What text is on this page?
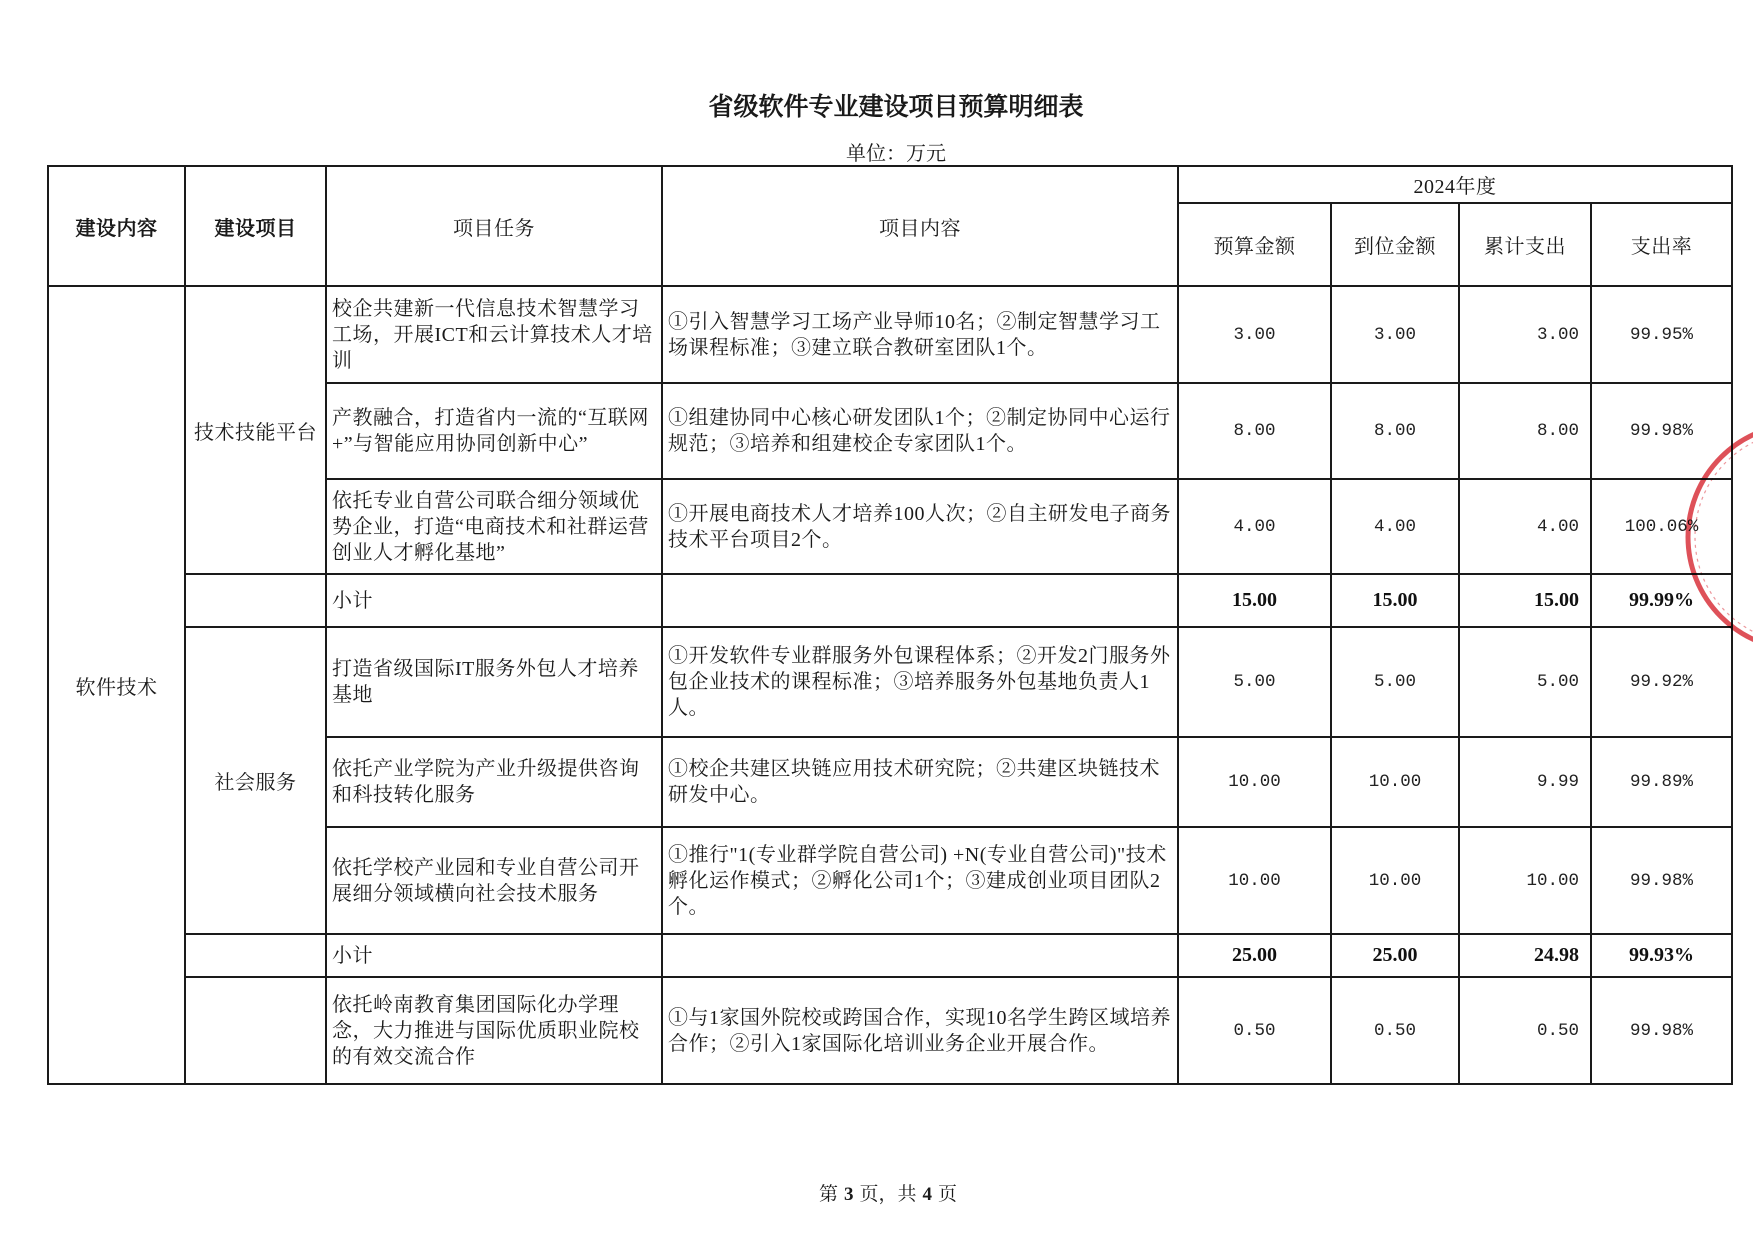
省级软件专业建设项目预算明细表
单位：万元
建设内容	建设项目	项目任务	项目内容	2024年度			
				预算金额	到位金额	累计支出	支出率
软件技术	技术技能平台	校企共建新一代信息技术智慧学习工场，开展ICT和云计算技术人才培训	①引入智慧学习工场产业导师10名；②制定智慧学习工场课程标准；③建立联合教研室团队1个。	3.00	3.00	3.00	99.95%
		产教融合，打造省内一流的“互联网+”与智能应用协同创新中心”	①组建协同中心核心研发团队1个；②制定协同中心运行规范；③培养和组建校企专家团队1个。	8.00	8.00	8.00	99.98%
		依托专业自营公司联合细分领域优势企业，打造“电商技术和社群运营创业人才孵化基地”	①开展电商技术人才培养100人次；②自主研发电子商务技术平台项目2个。	4.00	4.00	4.00	100.06%
		小计		15.00	15.00	15.00	99.99%
	社会服务	打造省级国际IT服务外包人才培养基地	①开发软件专业群服务外包课程体系；②开发2门服务外包企业技术的课程标准；③培养服务外包基地负责人1人。	5.00	5.00	5.00	99.92%
		依托产业学院为产业升级提供咨询和科技转化服务	①校企共建区块链应用技术研究院；②共建区块链技术研发中心。	10.00	10.00	9.99	99.89%
		依托学校产业园和专业自营公司开展细分领域横向社会技术服务	①推行"1(专业群学院自营公司) +N(专业自营公司)"技术孵化运作模式；②孵化公司1个；③建成创业项目团队2个。	10.00	10.00	10.00	99.98%
		小计		25.00	25.00	24.98	99.93%
		依托岭南教育集团国际化办学理念，大力推进与国际优质职业院校的有效交流合作	①与1家国外院校或跨国合作，实现10名学生跨区域培养合作；②引入1家国际化培训业务企业开展合作。	0.50	0.50	0.50	99.98%
第 3 页，共 4 页
